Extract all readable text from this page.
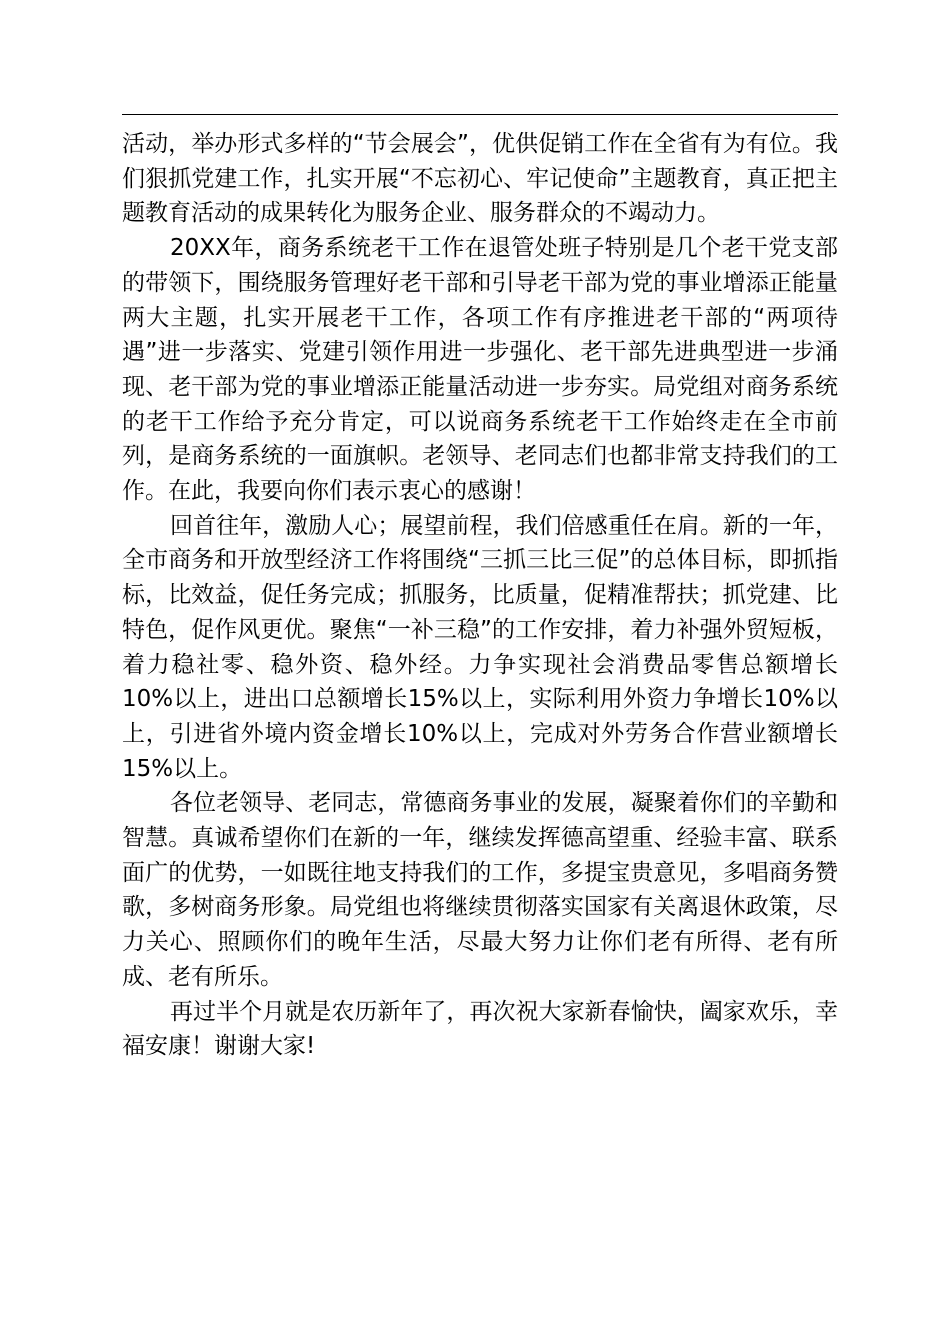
活动，举办形式多样的“节会展会”，优供促销工作在全省有为有位。我们狠抓党建工作，扎实开展“不忘初心、牢记使命”主题教育，真正把主题教育活动的成果转化为服务企业、服务群众的不竭动力。

20XX年，商务系统老干工作在退管处班子特别是几个老干党支部的带领下，围绕服务管理好老干部和引导老干部为党的事业增添正能量两大主题，扎实开展老干工作，各项工作有序推进老干部的“两项待遇”进一步落实、党建引领作用进一步强化、老干部先进典型进一步涌现、老干部为党的事业增添正能量活动进一步夯实。局党组对商务系统的老干工作给予充分肯定，可以说商务系统老干工作始终走在全市前列，是商务系统的一面旗帜。老领导、老同志们也都非常支持我们的工作。在此，我要向你们表示衷心的感谢！

回首往年，激励人心；展望前程，我们倍感重任在肩。新的一年，全市商务和开放型经济工作将围绕“三抓三比三促”的总体目标，即抓指标，比效益，促任务完成；抓服务，比质量，促精准帮扶；抓党建、比特色，促作风更优。聚焦“一补三稳”的工作安排，着力补强外贸短板，着力稳社零、稳外资、稳外经。力争实现社会消费品零售总额增长10%以上，进出口总额增长15%以上，实际利用外资力争增长10%以上，引进省外境内资金增长10%以上，完成对外劳务合作营业额增长15%以上。

各位老领导、老同志，常德商务事业的发展，凝聚着你们的辛勤和智慧。真诚希望你们在新的一年，继续发挥德高望重、经验丰富、联系面广的优势，一如既往地支持我们的工作，多提宝贵意见，多唱商务赞歌，多树商务形象。局党组也将继续贯彻落实国家有关离退休政策，尽力关心、照顾你们的晚年生活，尽最大努力让你们老有所得、老有所成、老有所乐。

再过半个月就是农历新年了，再次祝大家新春愉快，阖家欢乐，幸福安康！谢谢大家!
